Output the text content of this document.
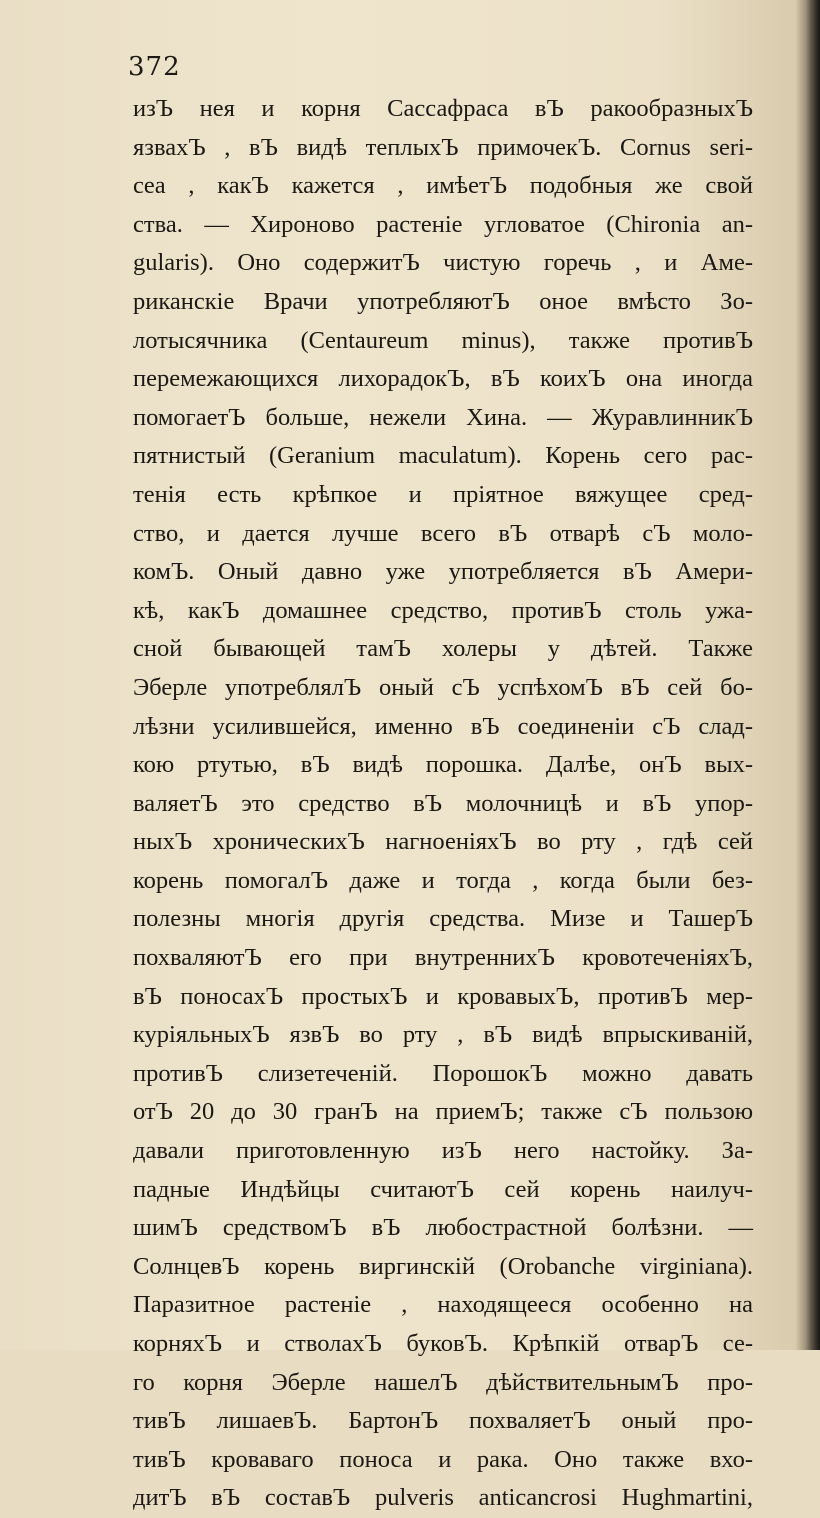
372
изЪ нея и корня Сассафраса вЪ ракообразныхЪ
язвахЪ , вЪ видѣ теплыхЪ примочекЪ. Cornus seri-
cea , какЪ кажется , имѣетЪ подобныя же свой
ства. — Хироново растеніе угловатое (Chironia an-
gularis). Оно содержитЪ чистую горечь , и Аме-
риканскіе Врачи употребляютЪ оное вмѣсто Зо-
лотысячника (Centaureum minus), также противЪ
перемежающихся лихорадокЪ, вЪ коихЪ она иногда
помогаетЪ больше, нежели Хина. — ЖуравлинникЪ
пятнистый (Geranium maculatum). Корень сего рас-
тенія есть крѣпкое и пріятное вяжущее сред-
ство, и дается лучше всего вЪ отварѣ сЪ моло-
комЪ. Оный давно уже употребляется вЪ Амери-
кѣ, какЪ домашнее средство, противЪ столь ужа-
сной бывающей тамЪ холеры у дѣтей. Также
Эберле употреблялЪ оный сЪ успѣхомЪ вЪ сей бо-
лѣзни усилившейся, именно вЪ соединеніи сЪ слад-
кою ртутью, вЪ видѣ порошка. Далѣе, онЪ вых-
валяетЪ это средство вЪ молочницѣ и вЪ упор-
ныхЪ хроническихЪ нагноеніяхЪ во рту , гдѣ сей
корень помогалЪ даже и тогда , когда были без-
полезны многія другія средства. Мизе и ТашерЪ
похваляютЪ его при внутреннихЪ кровотеченіяхЪ,
вЪ поносахЪ простыхЪ и кровавыхЪ, противЪ мер-
куріяльныхЪ язвЪ во рту , вЪ видѣ впрыскиваній,
противЪ слизетеченій. ПорошокЪ можно давать
отЪ 20 до 30 гранЪ на приемЪ; также сЪ пользою
давали приготовленную изЪ него настойку. За-
падные Индѣйцы считаютЪ сей корень наилуч-
шимЪ средствомЪ вЪ любострастной болѣзни. —
СолнцевЪ корень виргинскій (Orobanche virginiana).
Паразитное растеніе , находящееся особенно на
корняхЪ и стволахЪ буковЪ. Крѣпкій отварЪ се-
го корня Эберле нашелЪ дѣйствительнымЪ про-
тивЪ лишаевЪ. БартонЪ похваляетЪ оный про-
тивЪ кроваваго поноса и рака. Оно также вхо-
дитЪ вЪ составЪ pulveris anticancrosi Hughmartini,
